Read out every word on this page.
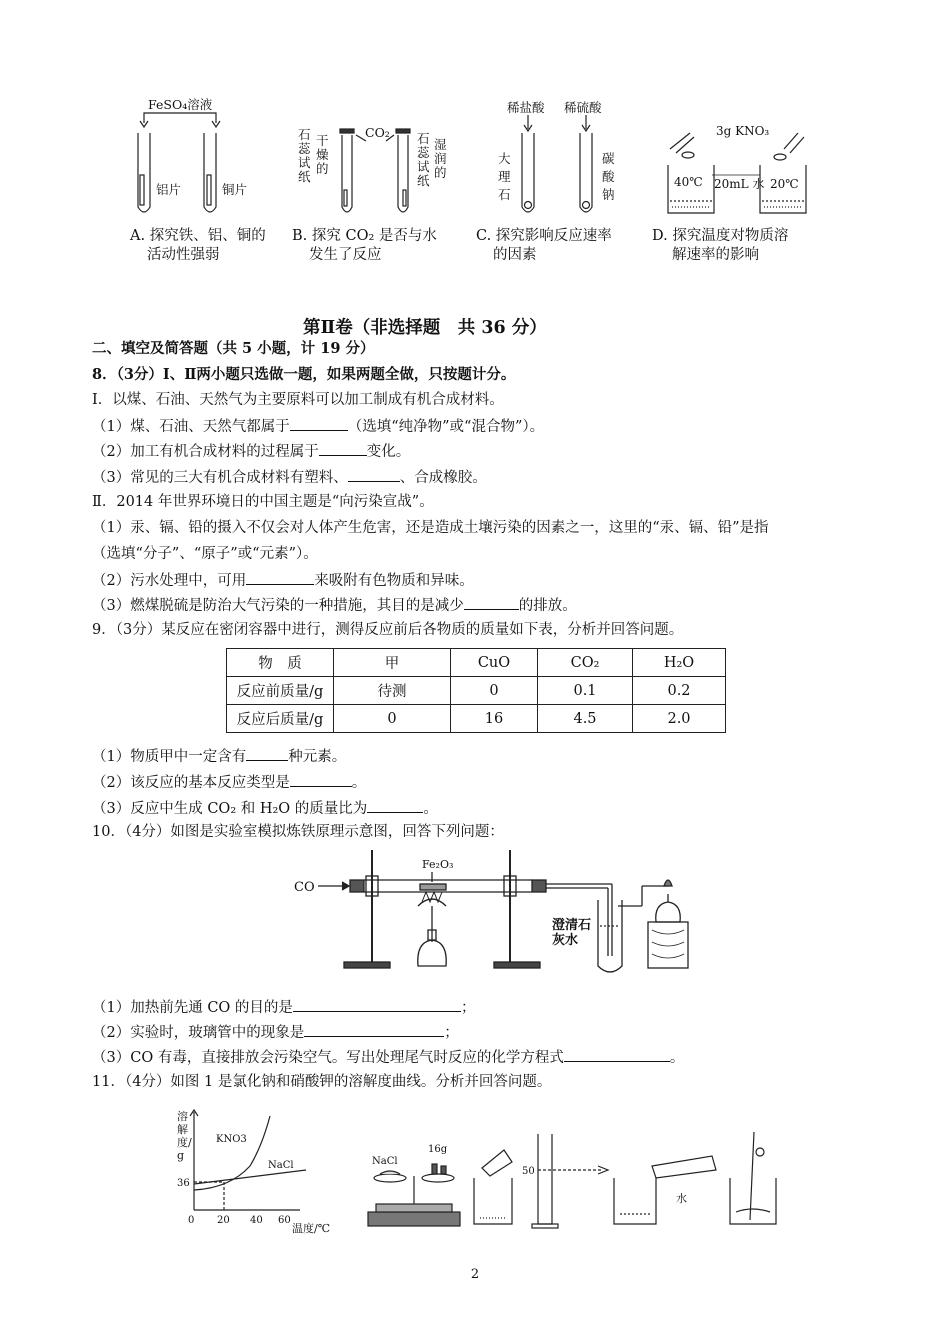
FeSO₄溶液
铝片	铜片
CO₂
石
蕊
试
纸
干
燥
的
石
蕊
试
纸
湿
润
的
稀盐酸 稀硫酸
大
理
石
碳
酸
钠
3g KNO₃
40℃ 20mL 水 20℃
A. 探究铁、铝、铜的
活动性强弱
B. 探究 CO₂ 是否与水
发生了反应
C. 探究影响反应速率
的因素
D. 探究温度对物质溶
解速率的影响
第Ⅱ卷（非选择题　共 36 分）
二、填空及简答题（共 5 小题，计 19 分）
8．（3分）Ⅰ、Ⅱ两小题只选做一题，如果两题全做，只按题计分。
Ⅰ．以煤、石油、天然气为主要原料可以加工制成有机合成材料。
（1）煤、石油、天然气都属于	（选填“纯净物”或“混合物”）。
（2）加工有机合成材料的过程属于	变化。
（3）常见的三大有机合成材料有塑料、	、合成橡胶。
Ⅱ．2014 年世界环境日的中国主题是“向污染宣战”。
（1）汞、镉、铅的摄入不仅会对人体产生危害，还是造成土壤污染的因素之一，这里的“汞、镉、铅”是指
（选填“分子”、“原子”或“元素”）。
（2）污水处理中，可用	来吸附有色物质和异味。
（3）燃煤脱硫是防治大气污染的一种措施，其目的是减少	的排放。
9．（3分）某反应在密闭容器中进行，测得反应前后各物质的质量如下表，分析并回答问题。
物　质	甲	CuO	CO₂	H₂O
反应前质量/g	待测	0	0.1	0.2
反应后质量/g	0	16	4.5	2.0
（1）物质甲中一定含有	种元素。
（2）该反应的基本反应类型是	。
（3）反应中生成 CO₂ 和 H₂O 的质量比为	。
10．（4分）如图是实验室模拟炼铁原理示意图，回答下列问题：
CO
Fe₂O₃
澄清石灰水
（1）加热前先通 CO 的目的是	；
（2）实验时，玻璃管中的现象是	；
（3）CO 有毒，直接排放会污染空气。写出处理尾气时反应的化学方程式	。
11．（4分）如图 1 是氯化钠和硝酸钾的溶解度曲线。分析并回答问题。
36
0 20 40 60
KNO3
NaCl
温度/℃
溶解度/g	NaCl
16g
50
水
2
